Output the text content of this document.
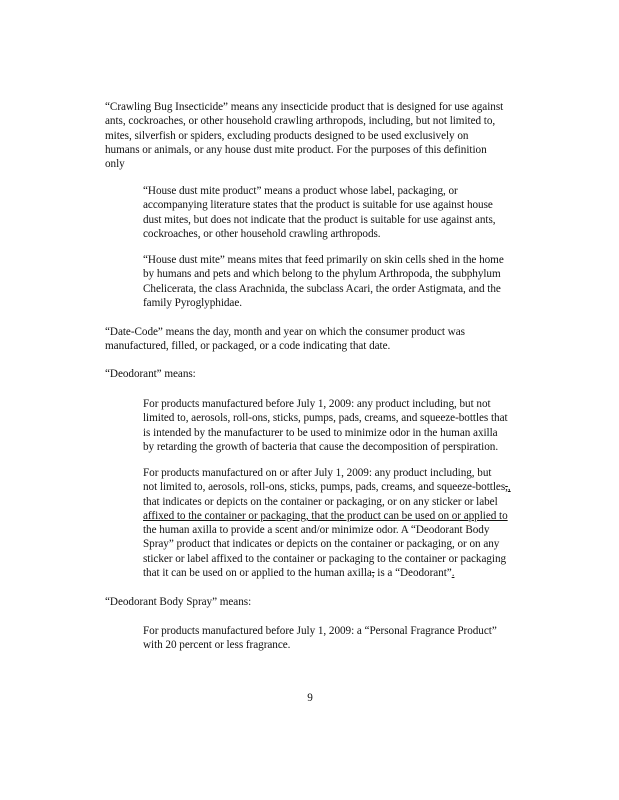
“Crawling Bug Insecticide” means any insecticide product that is designed for use against
ants, cockroaches, or other household crawling arthropods, including, but not limited to,
mites, silverfish or spiders, excluding products designed to be used exclusively on
humans or animals, or any house dust mite product. For the purposes of this definition
only
“House dust mite product” means a product whose label, packaging, or
accompanying literature states that the product is suitable for use against house
dust mites, but does not indicate that the product is suitable for use against ants,
cockroaches, or other household crawling arthropods.
“House dust mite” means mites that feed primarily on skin cells shed in the home
by humans and pets and which belong to the phylum Arthropoda, the subphylum
Chelicerata, the class Arachnida, the subclass Acari, the order Astigmata, and the
family Pyroglyphidae.
“Date-Code” means the day, month and year on which the consumer product was
manufactured, filled, or packaged, or a code indicating that date.
“Deodorant” means:
For products manufactured before July 1, 2009: any product including, but not
limited to, aerosols, roll-ons, sticks, pumps, pads, creams, and squeeze-bottles that
is intended by the manufacturer to be used to minimize odor in the human axilla
by retarding the growth of bacteria that cause the decomposition of perspiration.
For products manufactured on or after July 1, 2009: any product including, but
not limited to, aerosols, roll-ons, sticks, pumps, pads, creams, and squeeze-bottles,,
that indicates or depicts on the container or packaging, or on any sticker or label
affixed to the container or packaging, that the product can be used on or applied to
the human axilla to provide a scent and/or minimize odor. A “Deodorant Body
Spray” product that indicates or depicts on the container or packaging, or on any
sticker or label affixed to the container or packaging to the container or packaging
that it can be used on or applied to the human axilla, is a “Deodorant”.
“Deodorant Body Spray” means:
For products manufactured before July 1, 2009: a “Personal Fragrance Product”
with 20 percent or less fragrance.
9
